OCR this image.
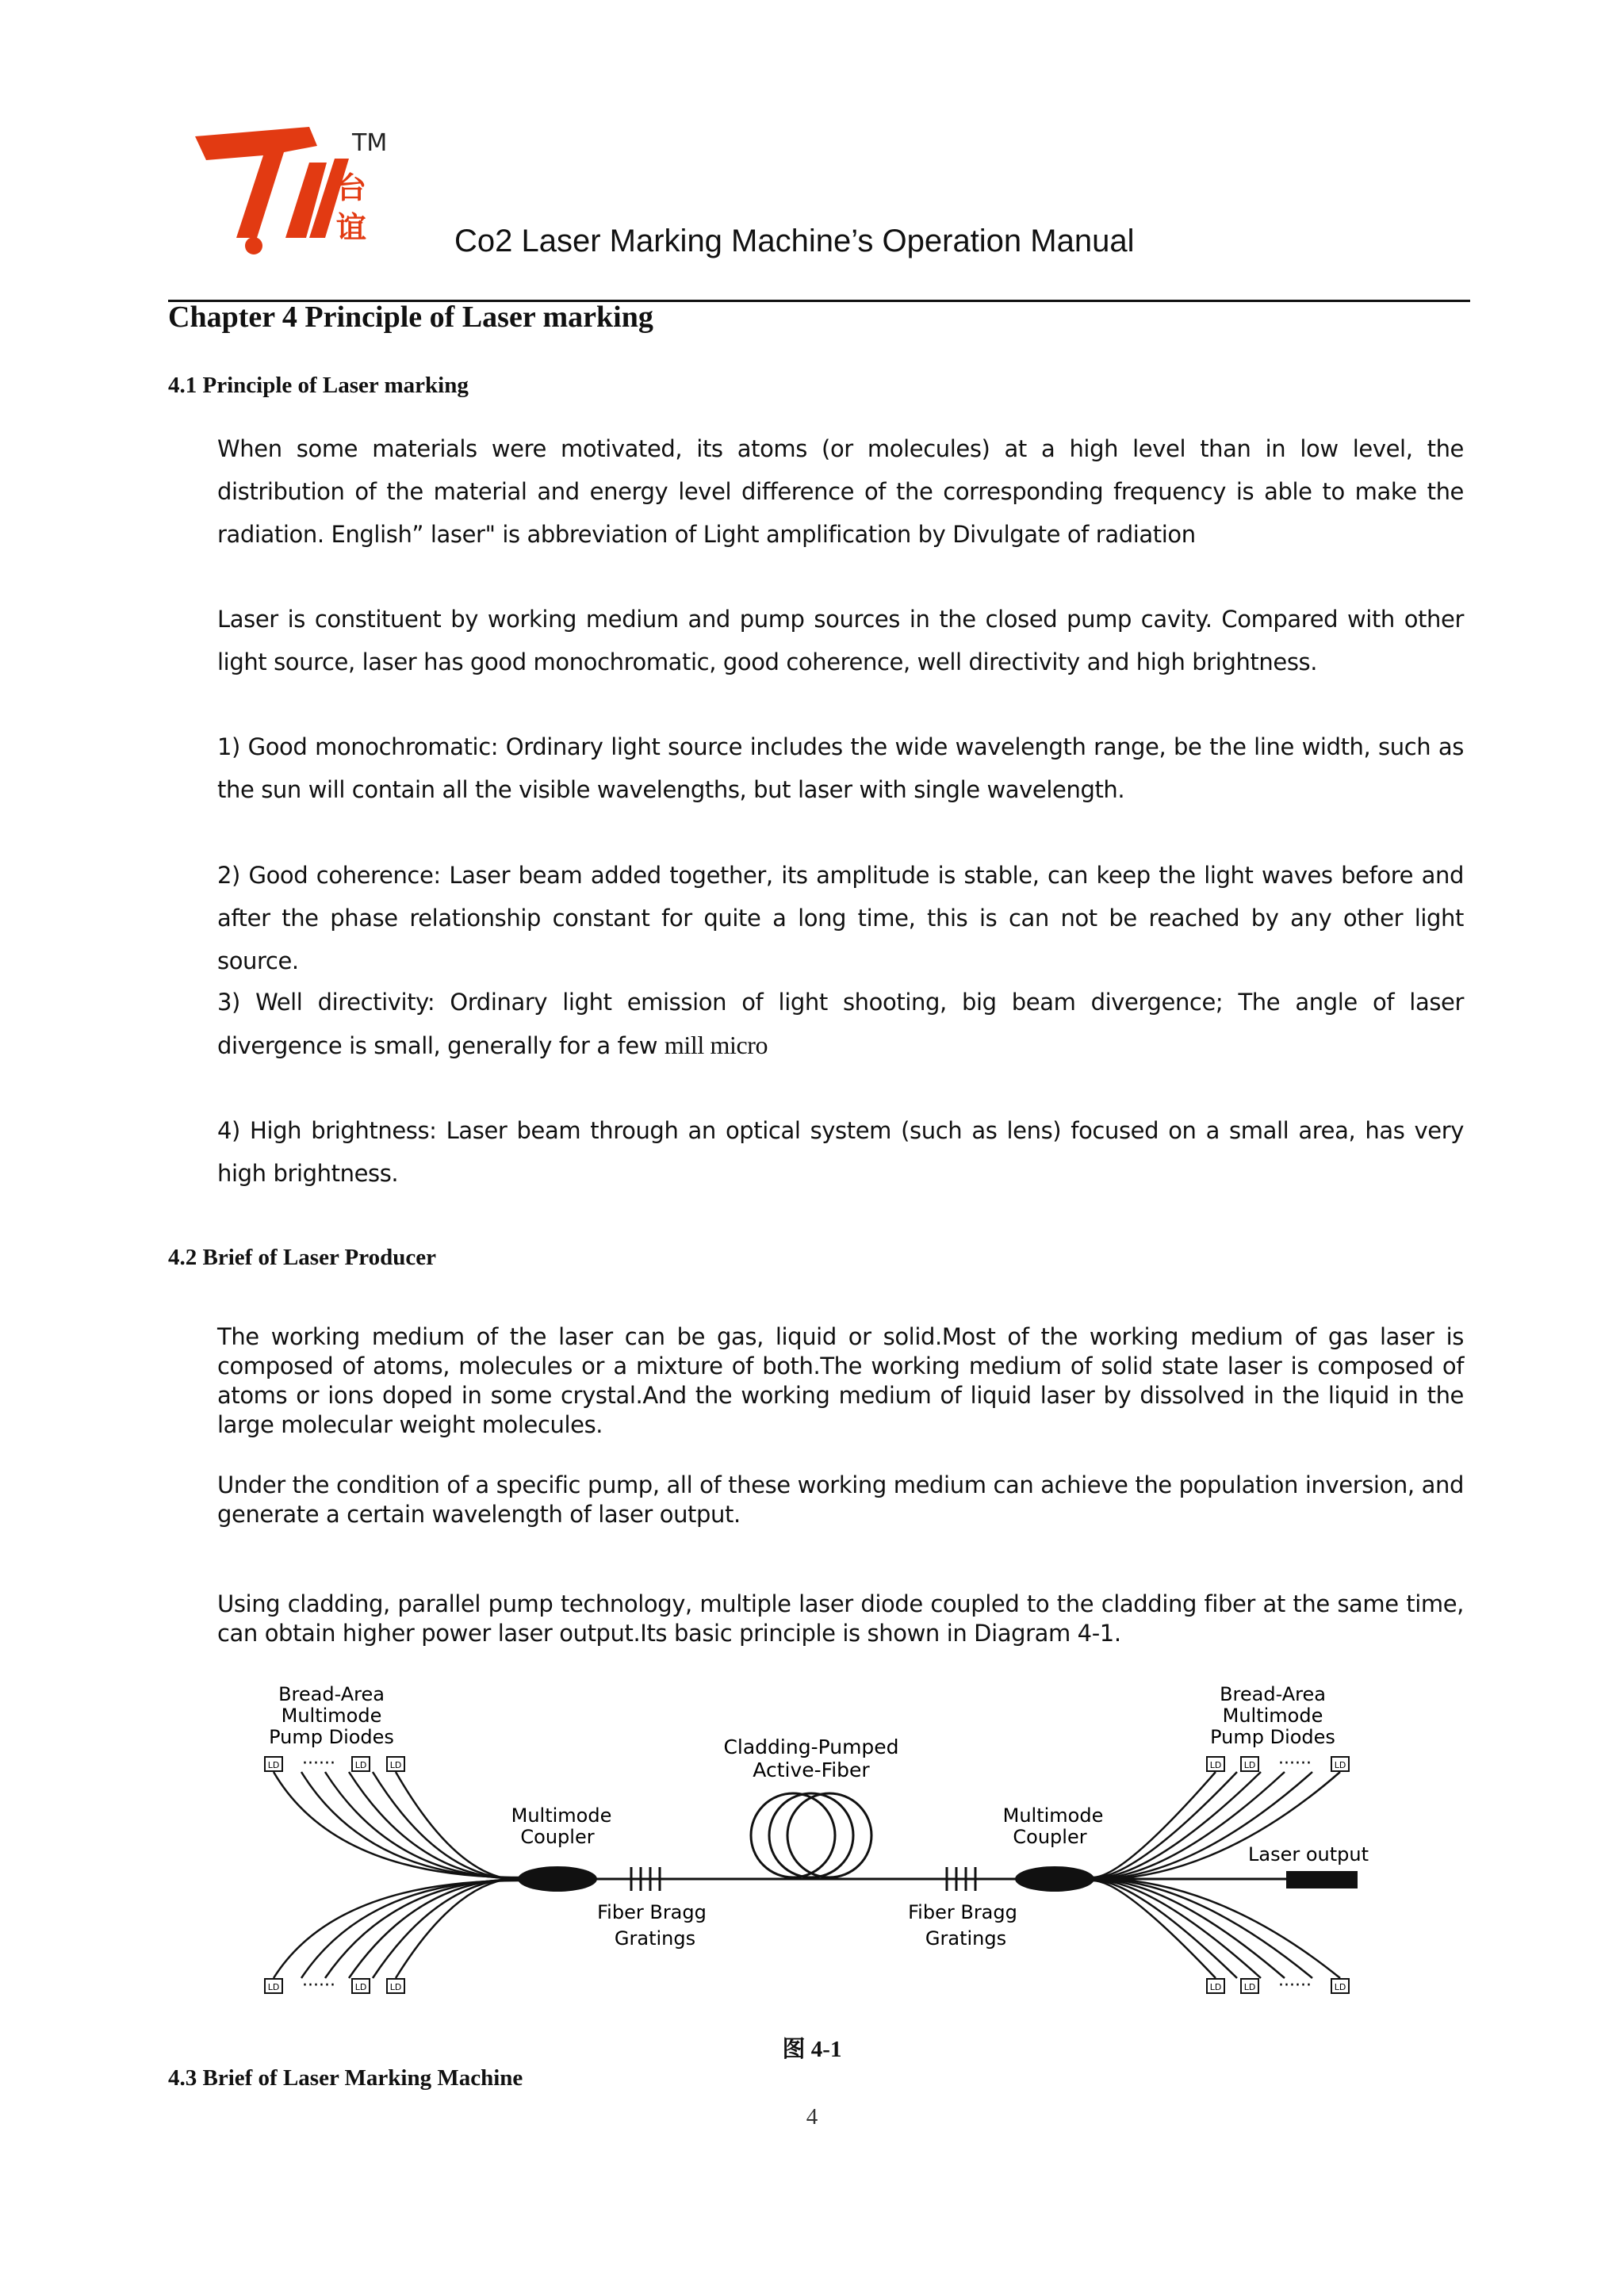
TM
台
谊	Co2 Laser Marking Machine’s Operation Manual
Chapter 4 Principle of Laser marking
4.1 Principle of Laser marking

When some materials were motivated, its atoms (or molecules) at a high level than in low level, the distribution of the material and energy level difference of the corresponding frequency is able to make the radiation. English” laser" is abbreviation of Light amplification by Divulgate of radiation

Laser is constituent by working medium and pump sources in the closed pump cavity. Compared with other light source, laser has good monochromatic, good coherence, well directivity and high brightness.

1) Good monochromatic: Ordinary light source includes the wide wavelength range, be the line width, such as the sun will contain all the visible wavelengths, but laser with single wavelength.

2) Good coherence: Laser beam added together, its amplitude is stable, can keep the light waves before and after the phase relationship constant for quite a long time, this is can not be reached by any other light source.

3) Well directivity: Ordinary light emission of light shooting, big beam divergence; The angle of laser divergence is small, generally for a few mill micro

4) High brightness: Laser beam through an optical system (such as lens) focused on a small area, has very high brightness.

4.2 Brief of Laser Producer

The working medium of the laser can be gas, liquid or solid.Most of the working medium of gas laser is composed of atoms, molecules or a mixture of both.The working medium of solid state laser is composed of atoms or ions doped in some crystal.And the working medium of liquid laser by dissolved in the liquid in the large molecular weight molecules.

Under the condition of a specific pump, all of these working medium can achieve the population inversion, and generate a certain wavelength of laser output.

Using cladding, parallel pump technology, multiple laser diode coupled to the cladding fiber at the same time, can obtain higher power laser output.Its basic principle is shown in Diagram 4-1.

Bread-Area
Multimode
Pump Diodes
Bread-Area
Multimode
Pump Diodes
Cladding-Pumped
Active-Fiber
Multimode
Coupler
Multimode
Coupler
Fiber Bragg
Gratings
Fiber Bragg
Gratings
Laser output
LD
LD
LD
LD
LD
LD
LD
LD
LD
LD
LD
LD
······
······
······
······
图 4-1
4.3 Brief of Laser Marking Machine
4
